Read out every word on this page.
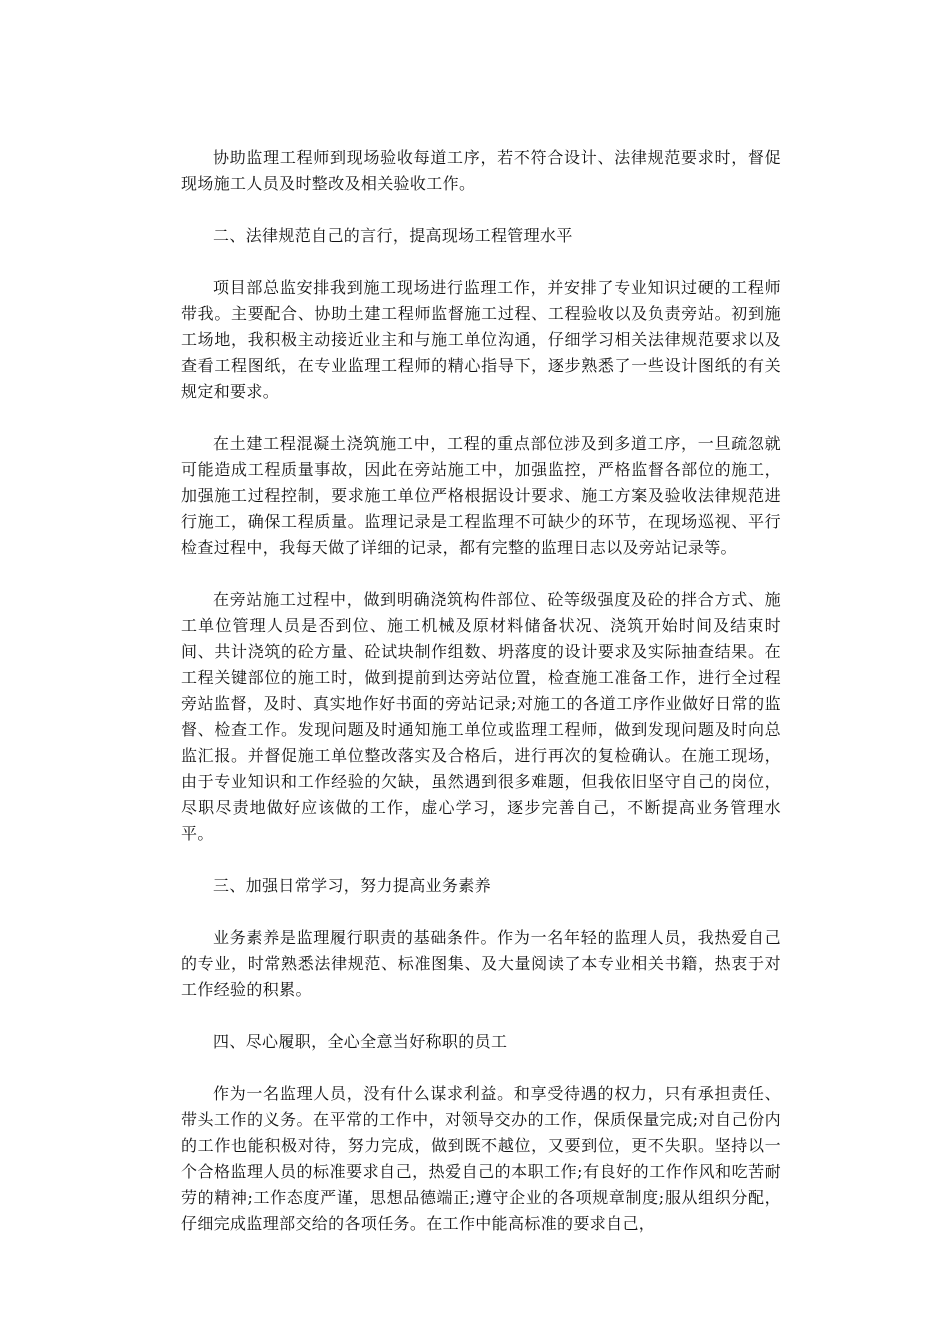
协助监理工程师到现场验收每道工序，若不符合设计、法律规范要求时，督促现场施工人员及时整改及相关验收工作。

二、法律规范自己的言行，提高现场工程管理水平

项目部总监安排我到施工现场进行监理工作，并安排了专业知识过硬的工程师带我。主要配合、协助土建工程师监督施工过程、工程验收以及负责旁站。初到施工场地，我积极主动接近业主和与施工单位沟通，仔细学习相关法律规范要求以及查看工程图纸，在专业监理工程师的精心指导下，逐步熟悉了一些设计图纸的有关规定和要求。

在土建工程混凝土浇筑施工中，工程的重点部位涉及到多道工序，一旦疏忽就可能造成工程质量事故，因此在旁站施工中，加强监控，严格监督各部位的施工，加强施工过程控制，要求施工单位严格根据设计要求、施工方案及验收法律规范进行施工，确保工程质量。监理记录是工程监理不可缺少的环节，在现场巡视、平行检查过程中，我每天做了详细的记录，都有完整的监理日志以及旁站记录等。

在旁站施工过程中，做到明确浇筑构件部位、砼等级强度及砼的拌合方式、施工单位管理人员是否到位、施工机械及原材料储备状况、浇筑开始时间及结束时间、共计浇筑的砼方量、砼试块制作组数、坍落度的设计要求及实际抽查结果。在工程关键部位的施工时，做到提前到达旁站位置，检查施工准备工作，进行全过程旁站监督，及时、真实地作好书面的旁站记录;对施工的各道工序作业做好日常的监督、检查工作。发现问题及时通知施工单位或监理工程师，做到发现问题及时向总监汇报。并督促施工单位整改落实及合格后，进行再次的复检确认。在施工现场，由于专业知识和工作经验的欠缺，虽然遇到很多难题，但我依旧坚守自己的岗位，尽职尽责地做好应该做的工作，虚心学习，逐步完善自己，不断提高业务管理水平。

三、加强日常学习，努力提高业务素养

业务素养是监理履行职责的基础条件。作为一名年轻的监理人员，我热爱自己的专业，时常熟悉法律规范、标准图集、及大量阅读了本专业相关书籍，热衷于对工作经验的积累。

四、尽心履职，全心全意当好称职的员工

作为一名监理人员，没有什么谋求利益。和享受待遇的权力，只有承担责任、带头工作的义务。在平常的工作中，对领导交办的工作，保质保量完成;对自己份内的工作也能积极对待，努力完成，做到既不越位，又要到位，更不失职。坚持以一个合格监理人员的标准要求自己，热爱自己的本职工作;有良好的工作作风和吃苦耐劳的精神;工作态度严谨，思想品德端正;遵守企业的各项规章制度;服从组织分配，仔细完成监理部交给的各项任务。在工作中能高标准的要求自己，
